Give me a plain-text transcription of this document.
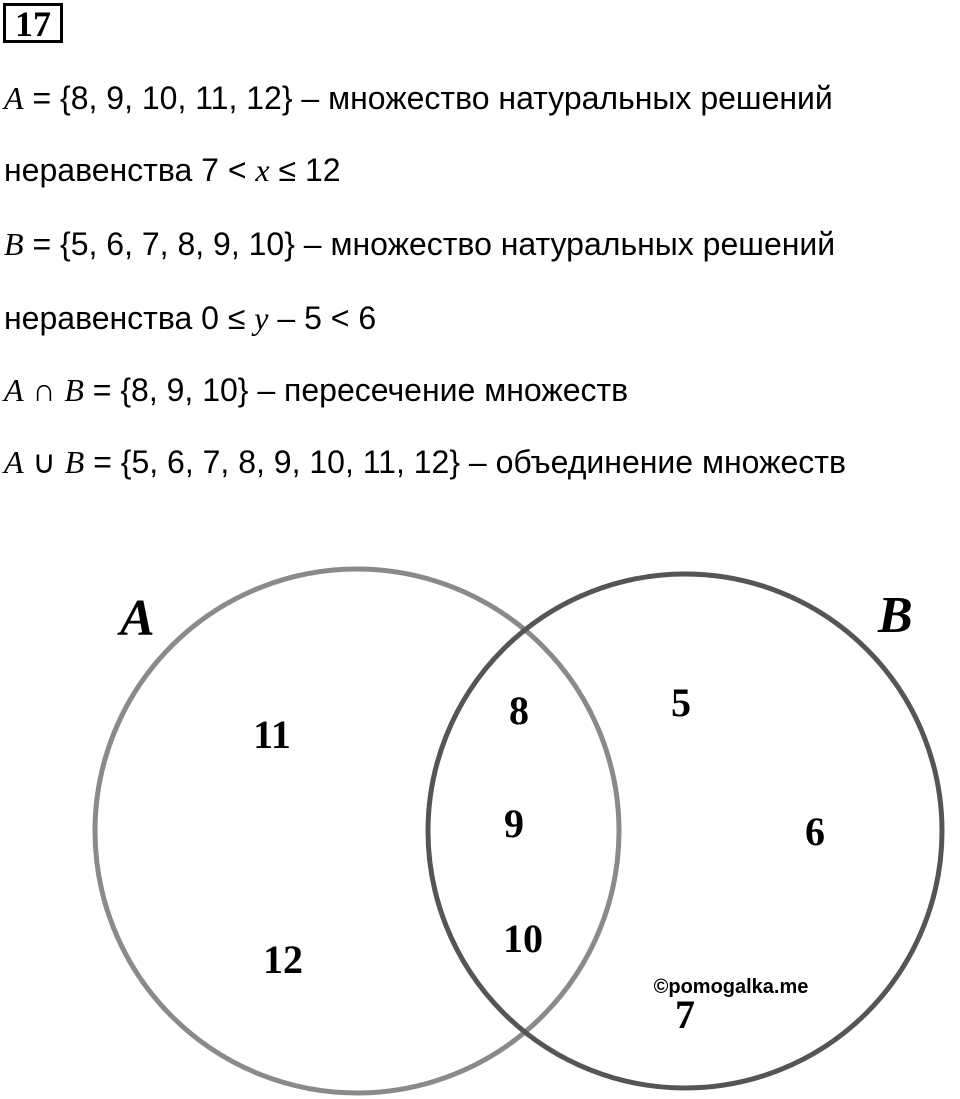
17
A = {8, 9, 10, 11, 12} – множество натуральных решений
неравенства 7 < x ≤ 12
B = {5, 6, 7, 8, 9, 10} – множество натуральных решений
неравенства 0 ≤ y – 5 < 6
A ∩ B = {8, 9, 10} – пересечение множеств
A ∪ B = {5, 6, 7, 8, 9, 10, 11, 12} – объединение множеств
A	B
11
12
8
9
10
5
6
7
©pomogalka.me
